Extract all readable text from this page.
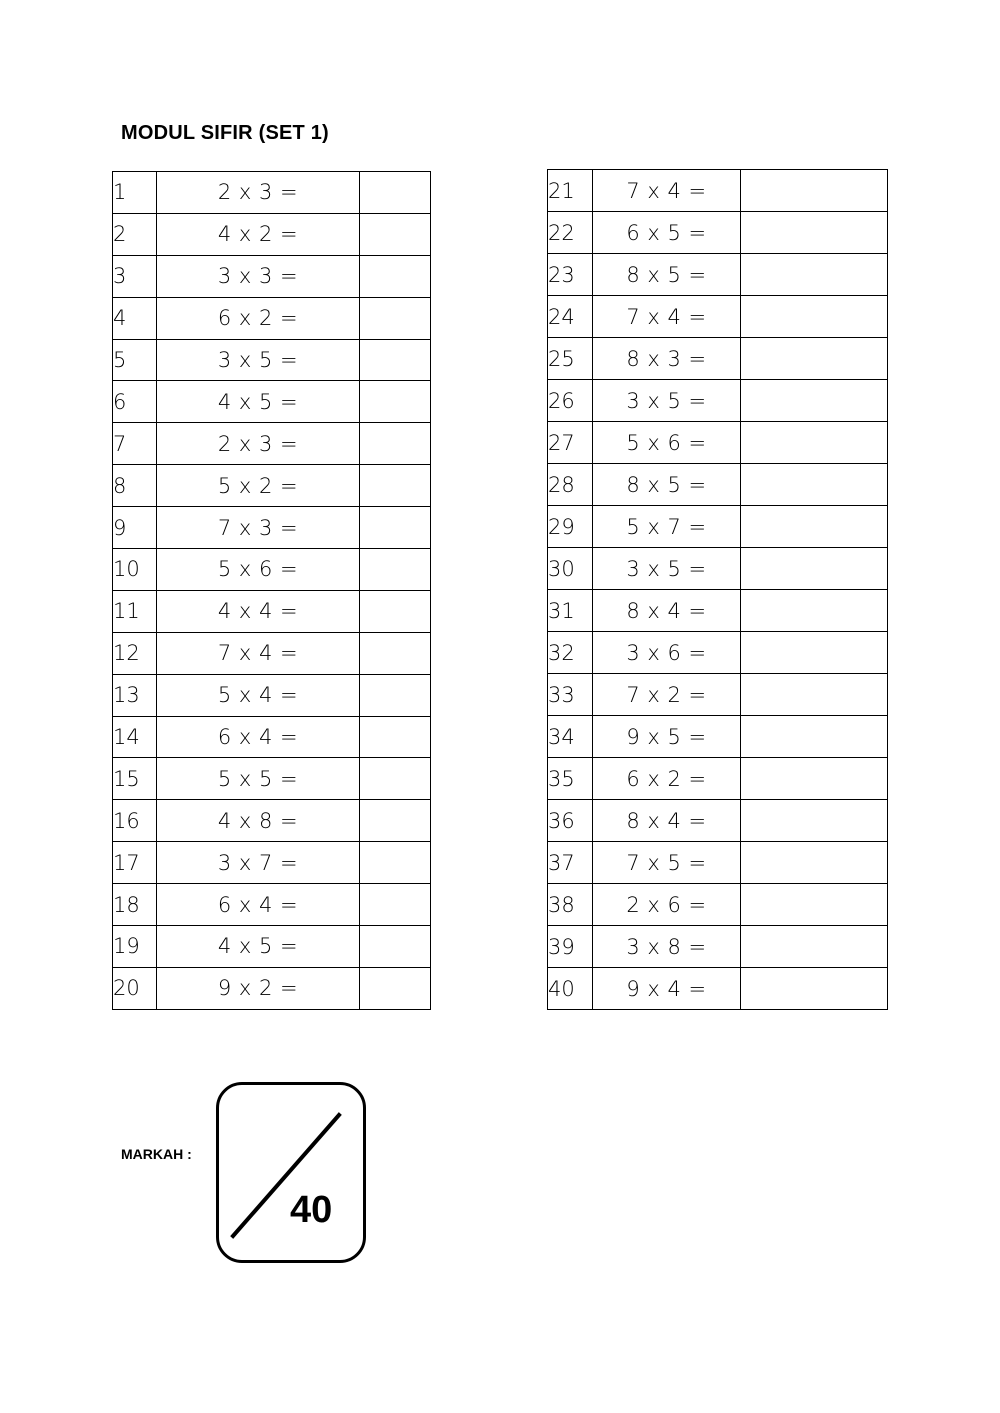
MODUL SIFIR (SET 1)
1	2 x 3 =	
2	4 x 2 =	
3	3 x 3 =	
4	6 x 2 =	
5	3 x 5 =	
6	4 x 5 =	
7	2 x 3 =	
8	5 x 2 =	
9	7 x 3 =	
10	5 x 6 =	
11	4 x 4 =	
12	7 x 4 =	
13	5 x 4 =	
14	6 x 4 =	
15	5 x 5 =	
16	4 x 8 =	
17	3 x 7 =	
18	6 x 4 =	
19	4 x 5 =	
20	9 x 2 =	
21	7 x 4 =	
22	6 x 5 =	
23	8 x 5 =	
24	7 x 4 =	
25	8 x 3 =	
26	3 x 5 =	
27	5 x 6 =	
28	8 x 5 =	
29	5 x 7 =	
30	3 x 5 =	
31	8 x 4 =	
32	3 x 6 =	
33	7 x 2 =	
34	9 x 5 =	
35	6 x 2 =	
36	8 x 4 =	
37	7 x 5 =	
38	2 x 6 =	
39	3 x 8 =	
40	9 x 4 =	
MARKAH :
40
